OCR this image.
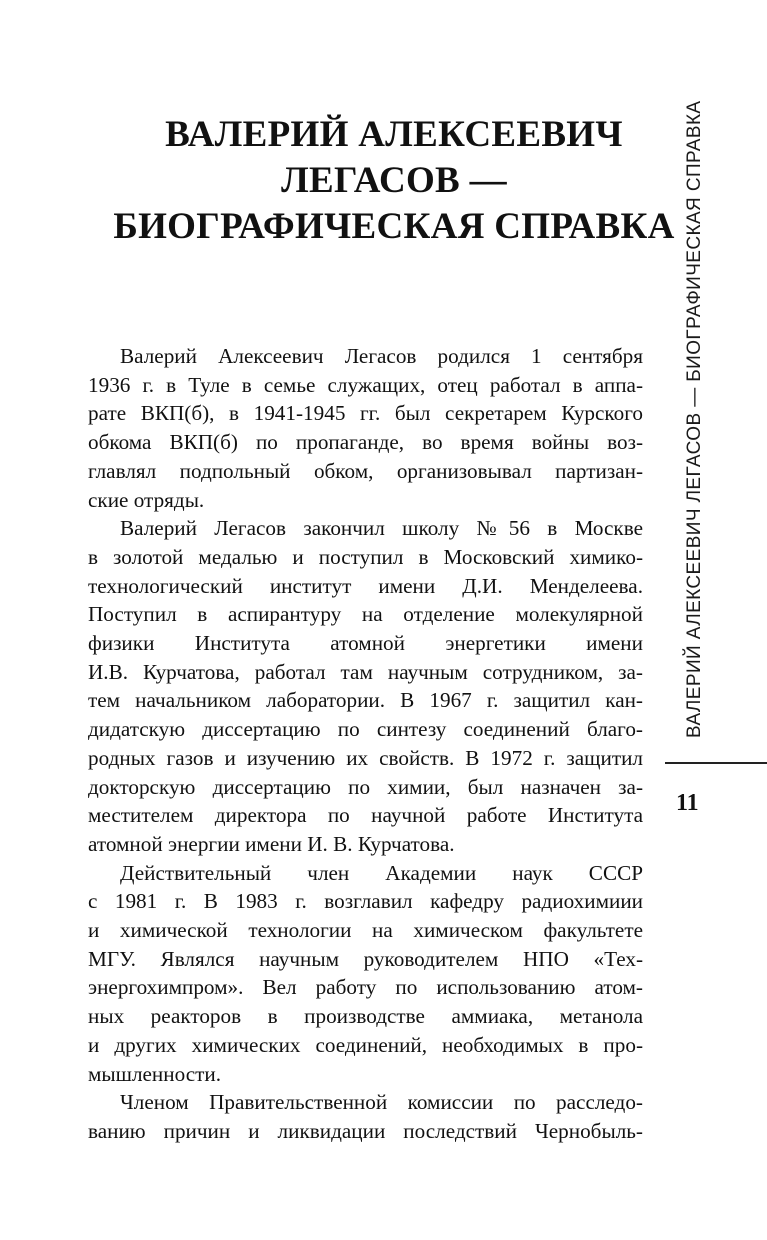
ВАЛЕРИЙ АЛЕКСЕЕВИЧ
ЛЕГАСОВ —
БИОГРАФИЧЕСКАЯ СПРАВКА
Валерий Алексеевич Легасов родился 1 сентября
1936 г. в Туле в семье служащих, отец работал в аппа-
рате ВКП(б), в 1941-1945 гг. был секретарем Курского
обкома ВКП(б) по пропаганде, во время войны воз-
главлял подпольный обком, организовывал партизан-
ские отряды.
Валерий Легасов закончил школу №56 в Москве
в золотой медалью и поступил в Московский химико-
технологический институт имени Д.И. Менделеева.
Поступил в аспирантуру на отделение молекулярной
физики Института атомной энергетики имени
И.В. Курчатова, работал там научным сотрудником, за-
тем начальником лаборатории. В 1967 г. защитил кан-
дидатскую диссертацию по синтезу соединений благо-
родных газов и изучению их свойств. В 1972 г. защитил
докторскую диссертацию по химии, был назначен за-
местителем директора по научной работе Института
атомной энергии имени И. В. Курчатова.
Действительный член Академии наук СССР
с 1981 г. В 1983 г. возглавил кафедру радиохимиии
и химической технологии на химическом факультете
МГУ. Являлся научным руководителем НПО «Тех-
энергохимпром». Вел работу по использованию атом-
ных реакторов в производстве аммиака, метанола
и других химических соединений, необходимых в про-
мышленности.
Членом Правительственной комиссии по расследо-
ванию причин и ликвидации последствий Чернобыль-
ВАЛЕРИЙ АЛЕКСЕЕВИЧ ЛЕГАСОВ — БИОГРАФИЧЕСКАЯ СПРАВКА
11
